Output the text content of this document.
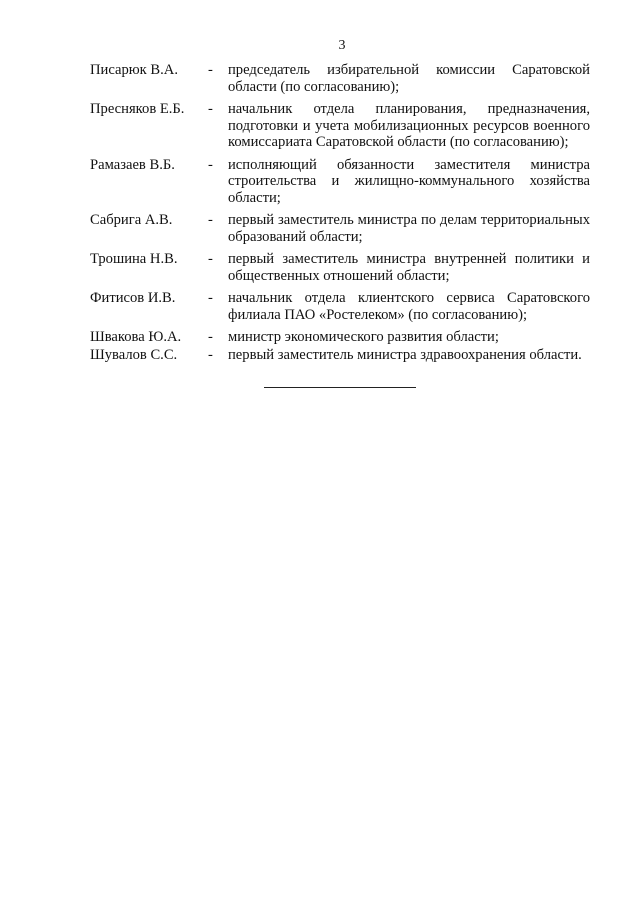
3
Писарюк В.А.	-	председатель избирательной комиссии Саратовской области (по согласованию);
Пресняков Е.Б.	-	начальник отдела планирования, предназначения, подготовки и учета мобилизационных ресурсов военного комиссариата Саратовской области (по согласованию);
Рамазаев В.Б.	-	исполняющий обязанности заместителя министра строительства и жилищно-коммунального хозяйства области;
Сабрига А.В.	-	первый заместитель министра по делам территориальных образований области;
Трошина Н.В.	-	первый заместитель министра внутренней политики и общественных отношений области;
Фитисов И.В.	-	начальник отдела клиентского сервиса Саратовского филиала ПАО «Ростелеком» (по согласованию);
Швакова Ю.А.	-	министр экономического развития области;
Шувалов С.С.	-	первый заместитель министра здравоохранения области.
